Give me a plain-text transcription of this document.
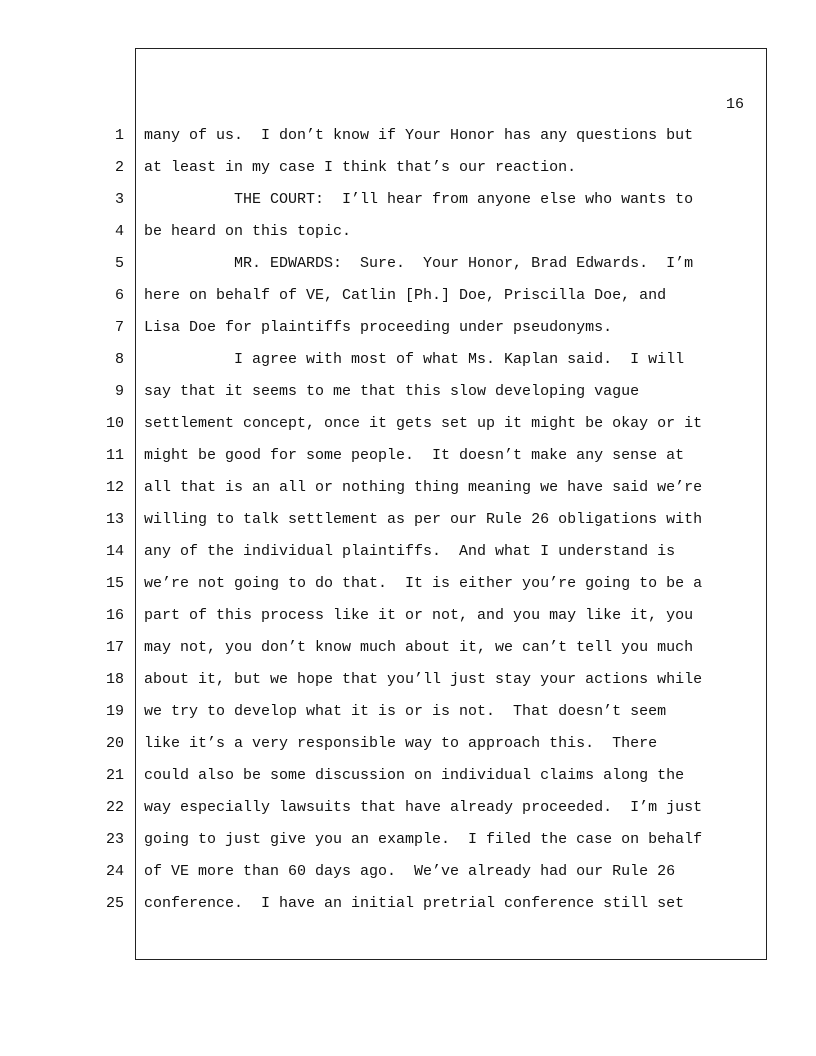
16
1 many of us.  I don’t know if Your Honor has any questions but
2 at least in my case I think that’s our reaction.
3 THE COURT:  I’ll hear from anyone else who wants to
4 be heard on this topic.
5 MR. EDWARDS:  Sure.  Your Honor, Brad Edwards.  I’m
6 here on behalf of VE, Catlin [Ph.] Doe, Priscilla Doe, and
7 Lisa Doe for plaintiffs proceeding under pseudonyms.
8 I agree with most of what Ms. Kaplan said.  I will
9 say that it seems to me that this slow developing vague
10 settlement concept, once it gets set up it might be okay or it
11 might be good for some people.  It doesn’t make any sense at
12 all that is an all or nothing thing meaning we have said we’re
13 willing to talk settlement as per our Rule 26 obligations with
14 any of the individual plaintiffs.  And what I understand is
15 we’re not going to do that.  It is either you’re going to be a
16 part of this process like it or not, and you may like it, you
17 may not, you don’t know much about it, we can’t tell you much
18 about it, but we hope that you’ll just stay your actions while
19 we try to develop what it is or is not.  That doesn’t seem
20 like it’s a very responsible way to approach this.  There
21 could also be some discussion on individual claims along the
22 way especially lawsuits that have already proceeded.  I’m just
23 going to just give you an example.  I filed the case on behalf
24 of VE more than 60 days ago.  We’ve already had our Rule 26
25 conference.  I have an initial pretrial conference still set
